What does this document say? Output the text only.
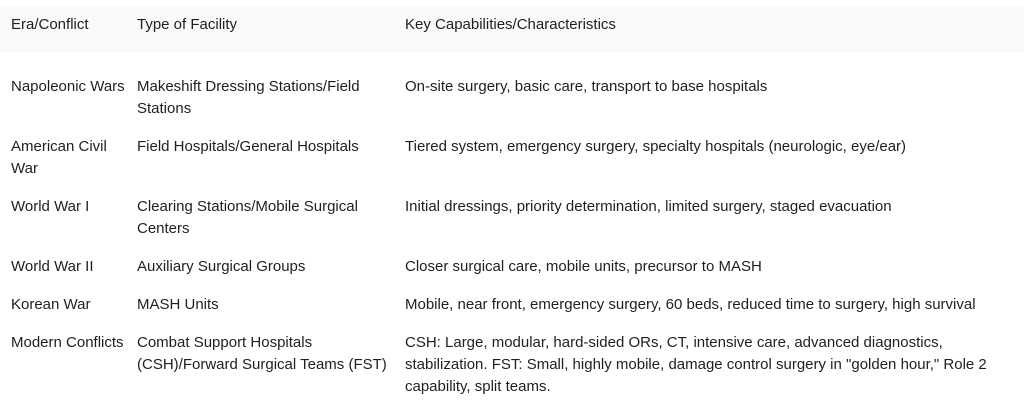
Era/Conflict	Type of Facility	Key Capabilities/Characteristics
Napoleonic Wars	Makeshift Dressing Stations/Field Stations	On-site surgery, basic care, transport to base hospitals
American Civil War	Field Hospitals/General Hospitals	Tiered system, emergency surgery, specialty hospitals (neurologic, eye/ear)
World War I	Clearing Stations/Mobile Surgical Centers	Initial dressings, priority determination, limited surgery, staged evacuation
World War II	Auxiliary Surgical Groups	Closer surgical care, mobile units, precursor to MASH
Korean War	MASH Units	Mobile, near front, emergency surgery, 60 beds, reduced time to surgery, high survival
Modern Conflicts	Combat Support Hospitals (CSH)/Forward Surgical Teams (FST)	CSH: Large, modular, hard-sided ORs, CT, intensive care, advanced diagnostics, stabilization. FST: Small, highly mobile, damage control surgery in "golden hour," Role 2 capability, split teams.
